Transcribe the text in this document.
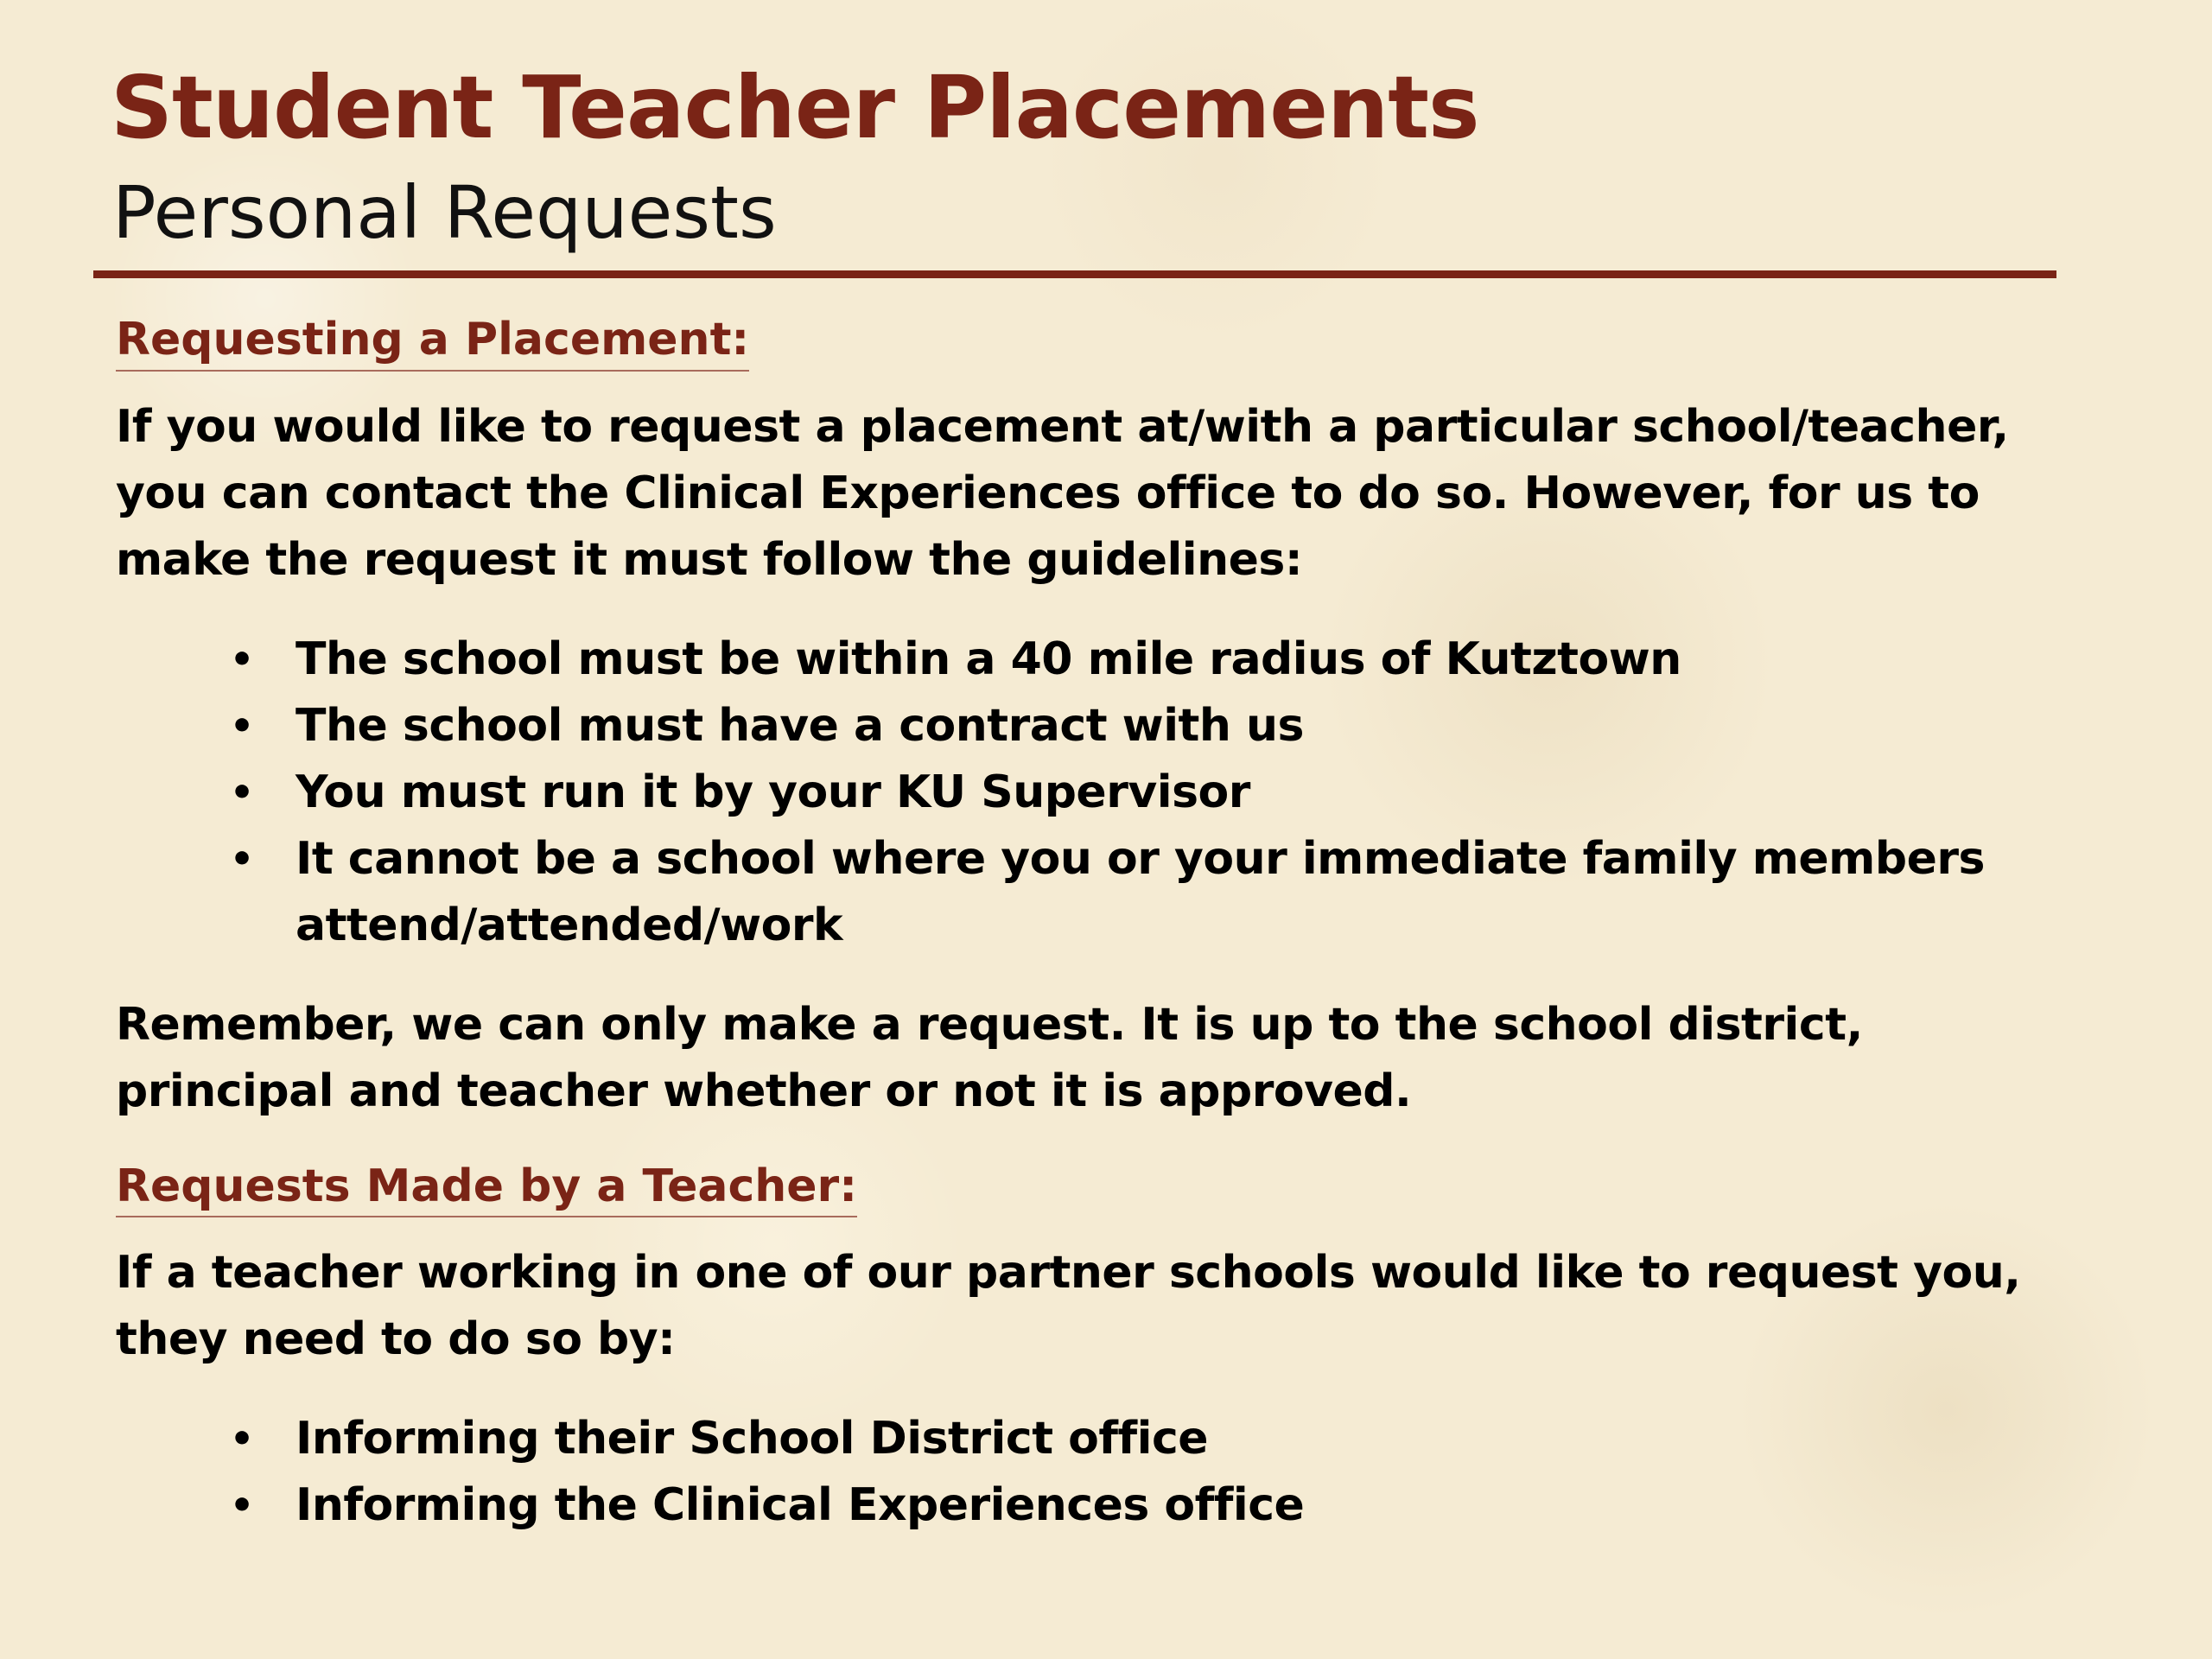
Student Teacher Placements
Personal Requests
Requesting a Placement:

If you would like to request a placement at/with a particular school/teacher, you can contact the Clinical Experiences office to do so. However, for us to make the request it must follow the guidelines:

• The school must be within a 40 mile radius of Kutztown
• The school must have a contract with us
• You must run it by your KU Supervisor
• It cannot be a school where you or your immediate family members attend/attended/work

Remember, we can only make a request. It is up to the school district, principal and teacher whether or not it is approved.

Requests Made by a Teacher:

If a teacher working in one of our partner schools would like to request you, they need to do so by:

• Informing their School District office
• Informing the Clinical Experiences office
